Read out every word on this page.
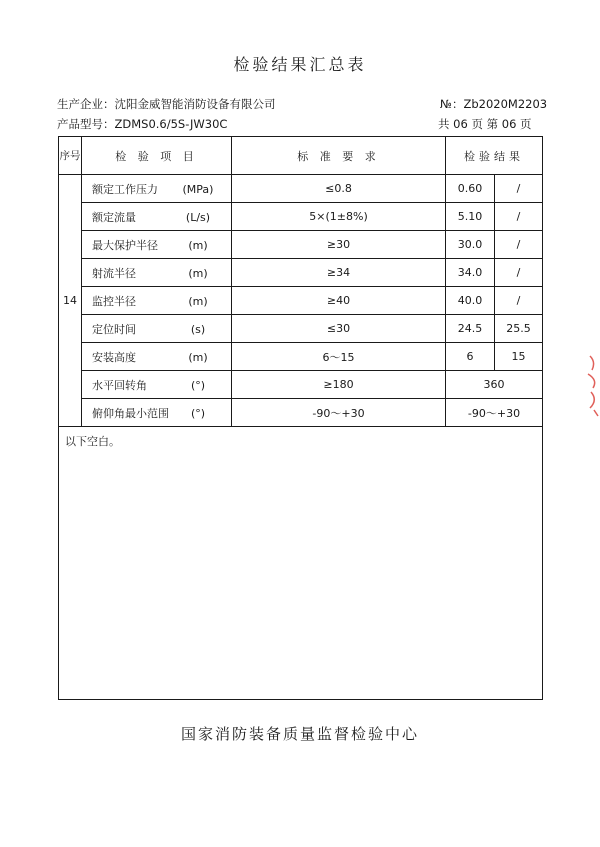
检验结果汇总表
生产企业：沈阳金威智能消防设备有限公司	№：Zb2020M2203
产品型号：ZDMS0.6/5S-JW30C	共 06 页 第 06 页
序号	检 验 项 目	标 准 要 求	检验结果	
14	额定工作压力 (MPa)	≤0.8	0.60	/
	额定流量 (L/s)	5×(1±8%)	5.10	/
	最大保护半径 (m)	≥30	30.0	/
	射流半径 (m)	≥34	34.0	/
	监控半径 (m)	≥40	40.0	/
	定位时间 (s)	≤30	24.5	25.5
	安装高度 (m)	6～15	6	15
	水平回转角 (°)	≥180	360	
	俯仰角最小范围 (°)	-90～+30	-90～+30	
以下空白。				
国家消防装备质量监督检验中心
